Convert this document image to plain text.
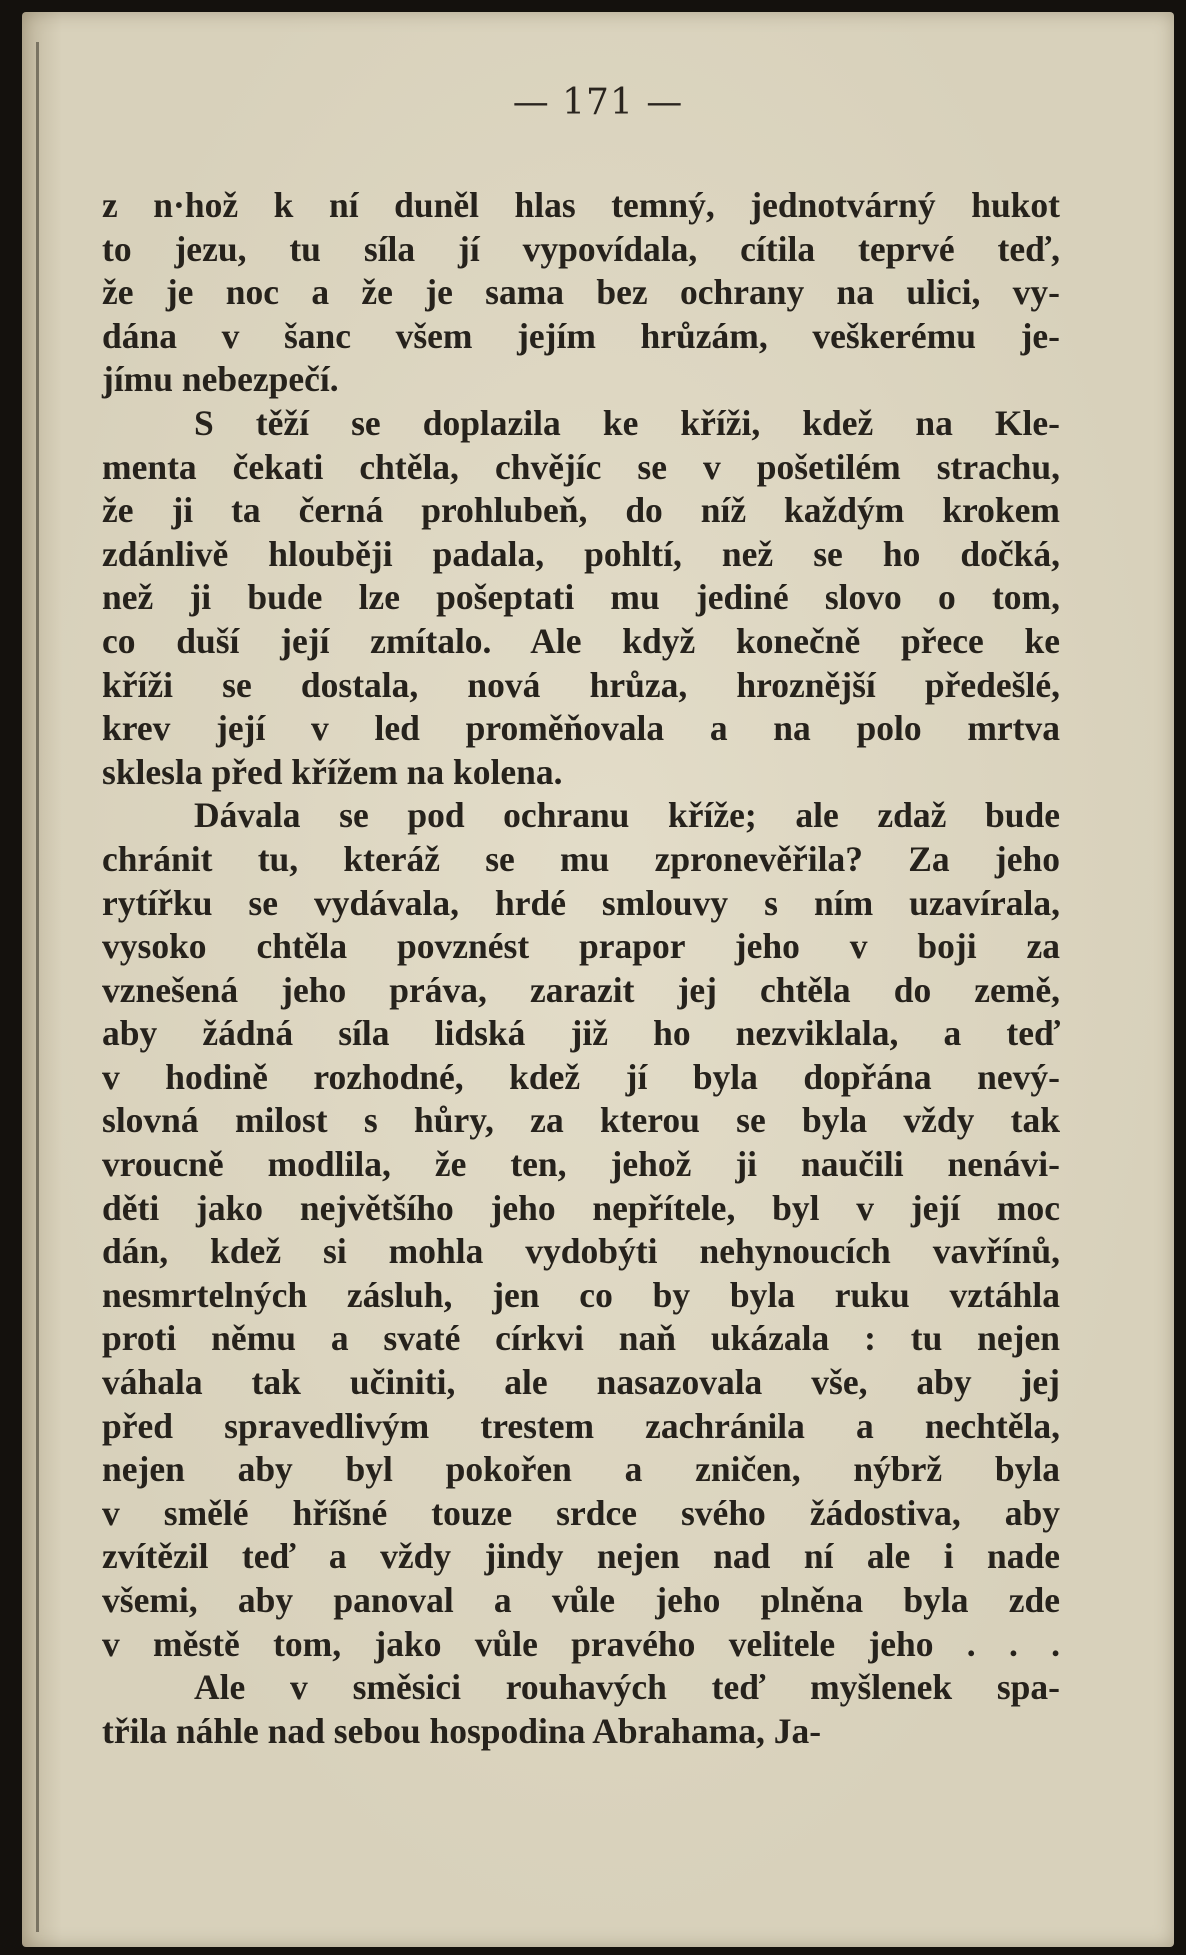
— 171 —
z n·hož k ní duněl hlas temný, jednotvárný hukot
to jezu, tu síla jí vypovídala, cítila teprvé teď,
že je noc a že je sama bez ochrany na ulici, vy-
dána v šanc všem jejím hrůzám, veškerému je-
jímu nebezpečí.
S těží se doplazila ke kříži, kdež na Kle-
menta čekati chtěla, chvějíc se v pošetilém strachu,
že ji ta černá prohlubeň, do níž každým krokem
zdánlivě hlouběji padala, pohltí, než se ho dočká,
než ji bude lze pošeptati mu jediné slovo o tom,
co duší její zmítalo. Ale když konečně přece ke
kříži se dostala, nová hrůza, hroznější předešlé,
krev její v led proměňovala a na polo mrtva
sklesla před křížem na kolena.
Dávala se pod ochranu kříže; ale zdaž bude
chránit tu, kteráž se mu zpronevěřila? Za jeho
rytířku se vydávala, hrdé smlouvy s ním uzavírala,
vysoko chtěla povznést prapor jeho v boji za
vznešená jeho práva, zarazit jej chtěla do země,
aby žádná síla lidská již ho nezviklala, a teď
v hodině rozhodné, kdež jí byla dopřána nevý-
slovná milost s hůry, za kterou se byla vždy tak
vroucně modlila, že ten, jehož ji naučili nenávi-
děti jako největšího jeho nepřítele, byl v její moc
dán, kdež si mohla vydobýti nehynoucích vavřínů,
nesmrtelných zásluh, jen co by byla ruku vztáhla
proti němu a svaté církvi naň ukázala : tu nejen
váhala tak učiniti, ale nasazovala vše, aby jej
před spravedlivým trestem zachránila a nechtěla,
nejen aby byl pokořen a zničen, nýbrž byla
v smělé hříšné touze srdce svého žádostiva, aby
zvítězil teď a vždy jindy nejen nad ní ale i nade
všemi, aby panoval a vůle jeho plněna byla zde
v městě tom, jako vůle pravého velitele jeho . . .
Ale v směsici rouhavých teď myšlenek spa-
třila náhle nad sebou hospodina Abrahama, Ja-
